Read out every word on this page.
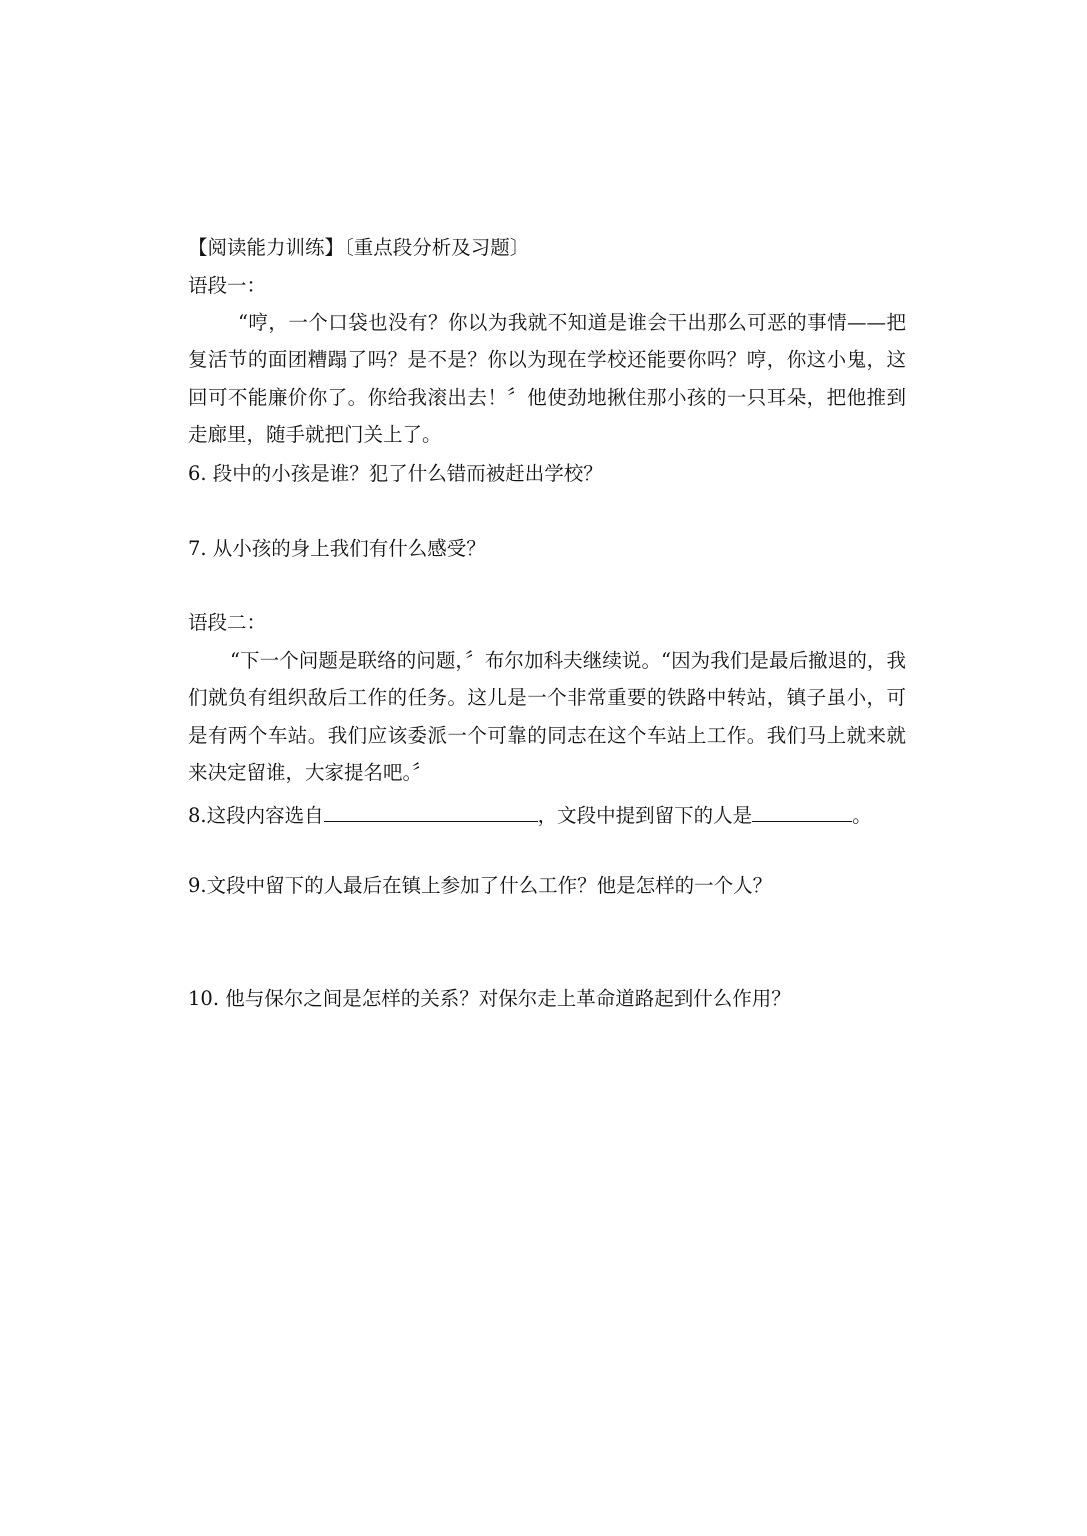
【阅读能力训练】〔重点段分析及习题〕
语段一：
“哼，一个口袋也没有？你以为我就不知道是谁会干出那么可恶的事情——把复活节的面团糟蹋了吗？是不是？你以为现在学校还能要你吗？哼，你这小鬼，这回可不能廉价你了。你给我滚出去！〞他使劲地揪住那小孩的一只耳朵，把他推到走廊里，随手就把门关上了。
6. 段中的小孩是谁？犯了什么错而被赶出学校？
7. 从小孩的身上我们有什么感受？
语段二：
“下一个问题是联络的问题，〞布尔加科夫继续说。“因为我们是最后撤退的，我们就负有组织敌后工作的任务。这儿是一个非常重要的铁路中转站，镇子虽小，可是有两个车站。我们应该委派一个可靠的同志在这个车站上工作。我们马上就来就来决定留谁，大家提名吧。〞
8.这段内容选自	，文段中提到留下的人是	。
9.文段中留下的人最后在镇上参加了什么工作？他是怎样的一个人？
10. 他与保尔之间是怎样的关系？对保尔走上革命道路起到什么作用？
